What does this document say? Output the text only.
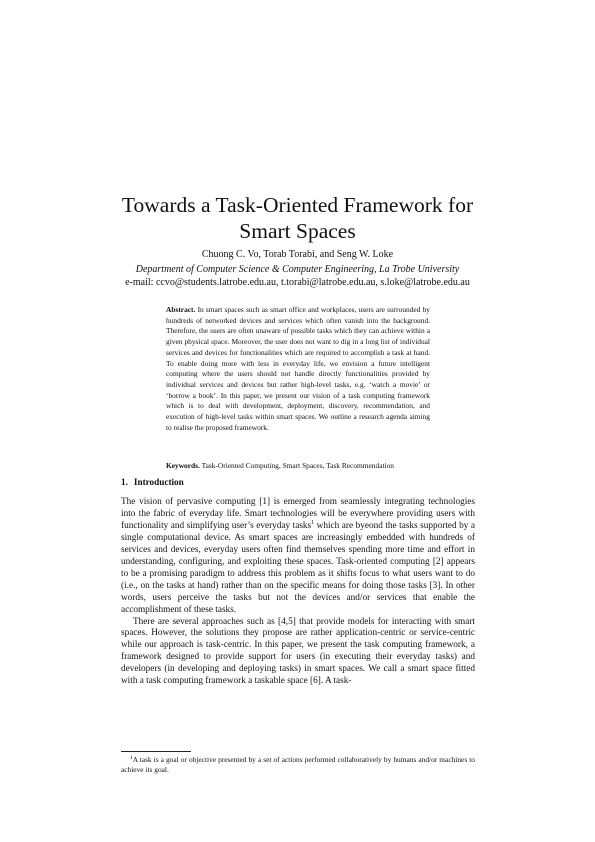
Towards a Task-Oriented Framework for
Smart Spaces
Chuong C. Vo, Torab Torabi, and Seng W. Loke
Department of Computer Science & Computer Engineering, La Trobe University
e-mail: ccvo@students.latrobe.edu.au, t.torabi@latrobe.edu.au, s.loke@latrobe.edu.au
Abstract. In smart spaces such as smart office and workplaces, users are surrounded by hundreds of networked devices and services which often vanish into the background. Therefore, the users are often unaware of possible tasks which they can achieve within a given physical space. Moreover, the user does not want to dig in a long list of individual services and devices for functionalities which are required to accomplish a task at hand. To enable doing more with less in everyday life, we envision a future intelligent computing where the users should not handle directly functionalities provided by individual services and devices but rather high-level tasks, e.g. ‘watch a movie’ or ‘borrow a book’. In this paper, we present our vision of a task computing framework which is to deal with development, deployment, discovery, recommendation, and execution of high-level tasks within smart spaces. We outline a research agenda aiming to realise the proposed framework.
Keywords. Task-Oriented Computing, Smart Spaces, Task Recommendation
1. Introduction

The vision of pervasive computing [1] is emerged from seamlessly integrating technologies into the fabric of everyday life. Smart technologies will be everywhere providing users with functionality and simplifying user’s everyday tasks$^1$ which are byeond the tasks supported by a single computational device. As smart spaces are increasingly embedded with hundreds of services and devices, everyday users often find themselves spending more time and effort in understanding, configuring, and exploiting these spaces. Task-oriented computing [2] appears to be a promising paradigm to address this problem as it shifts focus to what users want to do (i.e., on the tasks at hand) rather than on the specific means for doing those tasks [3]. In other words, users perceive the tasks but not the devices and/or services that enable the accomplishment of these tasks.

There are several approaches such as [4,5] that provide models for interacting with smart spaces. However, the solutions they propose are rather application-centric or service-centric while our approach is task-centric. In this paper, we present the task computing framework, a framework designed to provide support for users (in executing their everyday tasks) and developers (in developing and deploying tasks) in smart spaces. We call a smart space fitted with a task computing framework a taskable space [6]. A task-

$^1$A task is a goal or objective presented by a set of actions performed collaboratively by humans and/or machines to achieve its goal.
